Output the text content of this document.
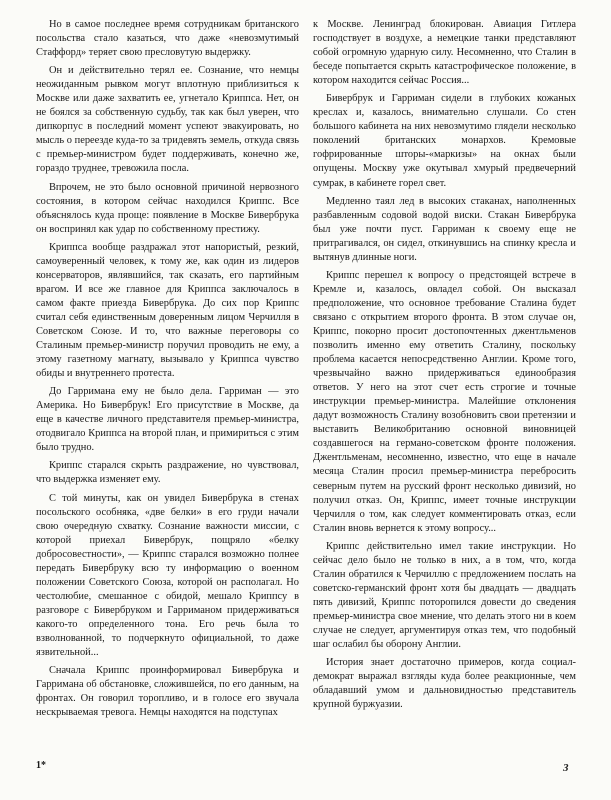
Но в самое последнее время сотрудникам британского посольства стало казаться, что даже «невозмутимый Стаффорд» теряет свою пресловутую выдержку.

Он и действительно терял ее. Сознание, что немцы неожиданным рывком могут вплотную приблизиться к Москве или даже захватить ее, угнетало Криппса. Нет, он не боялся за собственную судьбу, так как был уверен, что дипкорпус в последний момент успеют эвакуировать, но мысль о переезде куда-то за тридевять земель, откуда связь с премьер-министром будет поддерживать, конечно же, гораздо труднее, тревожила посла.

Впрочем, не это было основной причиной нервозного состояния, в котором сейчас находился Криппс. Все объяснялось куда проще: появление в Москве Бивербрука он воспринял как удар по собственному престижу.

Криппса вообще раздражал этот напористый, резкий, самоуверенный человек, к тому же, как один из лидеров консерваторов, являвшийся, так сказать, его партийным врагом. И все же главное для Криппса заключалось в самом факте приезда Бивербрука. До сих пор Криппс считал себя единственным доверенным лицом Черчилля в Советском Союзе. И то, что важные переговоры со Сталиным премьер-министр поручил проводить не ему, а этому газетному магнату, вызывало у Криппса чувство обиды и внутреннего протеста.

До Гарримана ему не было дела. Гарриман — это Америка. Но Бивербрук! Его присутствие в Москве, да еще в качестве личного представителя премьер-министра, отодвигало Криппса на второй план, и примириться с этим было трудно.

Криппс старался скрыть раздражение, но чувствовал, что выдержка изменяет ему.

С той минуты, как он увидел Бивербрука в стенах посольского особняка, «две белки» в его груди начали свою очередную схватку. Сознание важности миссии, с которой приехал Бивербрук, пощряло «белку добросовестности», — Криппс старался возможно полнее передать Бивербруку всю ту информацию о военном положении Советского Союза, которой он располагал. Но честолюбие, смешанное с обидой, мешало Криппсу в разговоре с Бивербруком и Гарриманом придерживаться какого-то определенного тона. Его речь была то взволнованной, то подчеркнуто официальной, то даже язвительной...

Сначала Криппс проинформировал Бивербрука и Гарримана об обстановке, сложившейся, по его данным, на фронтах. Он говорил торопливо, и в голосе его звучала нескрываемая тревога. Немцы находятся на подступах

к Москве. Ленинград блокирован. Авиация Гитлера господствует в воздухе, а немецкие танки представляют собой огромную ударную силу. Несомненно, что Сталин в беседе попытается скрыть катастрофическое положение, в котором находится сейчас Россия...

Бивербрук и Гарриман сидели в глубоких кожаных креслах и, казалось, внимательно слушали. Со стен большого кабинета на них невозмутимо глядели несколько поколений британских монархов. Кремовые гофрированные шторы-«маркизы» на окнах были опущены. Москву уже окутывал хмурый предвечерний сумрак, в кабинете горел свет.

Медленно таял лед в высоких стаканах, наполненных разбавленным содовой водой виски. Стакан Бивербрука был уже почти пуст. Гарриман к своему еще не притрагивался, он сидел, откинувшись на спинку кресла и вытянув длинные ноги.

Криппс перешел к вопросу о предстоящей встрече в Кремле и, казалось, овладел собой. Он высказал предположение, что основное требование Сталина будет связано с открытием второго фронта. В этом случае он, Криппс, покорно просит достопочтенных джентльменов позволить именно ему ответить Сталину, поскольку проблема касается непосредственно Англии. Кроме того, чрезвычайно важно придерживаться единообразия ответов. У него на этот счет есть строгие и точные инструкции премьер-министра. Малейшие отклонения дадут возможность Сталину возобновить свои претензии и выставить Великобританию основной виновницей создавшегося на германо-советском фронте положения. Джентльменам, несомненно, известно, что еще в начале месяца Сталин просил премьер-министра перебросить северным путем на русский фронт несколько дивизий, но получил отказ. Он, Криппс, имеет точные инструкции Черчилля о том, как следует комментировать отказ, если Сталин вновь вернется к этому вопросу...

Криппс действительно имел такие инструкции. Но сейчас дело было не только в них, а в том, что, когда Сталин обратился к Черчиллю с предложением послать на советско-германский фронт хотя бы двадцать — двадцать пять дивизий, Криппс поторопился довести до сведения премьер-министра свое мнение, что делать этого ни в коем случае не следует, аргументируя отказ тем, что подобный шаг ослабил бы оборону Англии.

История знает достаточно примеров, когда социал-демократ выражал взгляды куда более реакционные, чем обладавший умом и дальновидностью представитель крупной буржуазии.

1*	3
